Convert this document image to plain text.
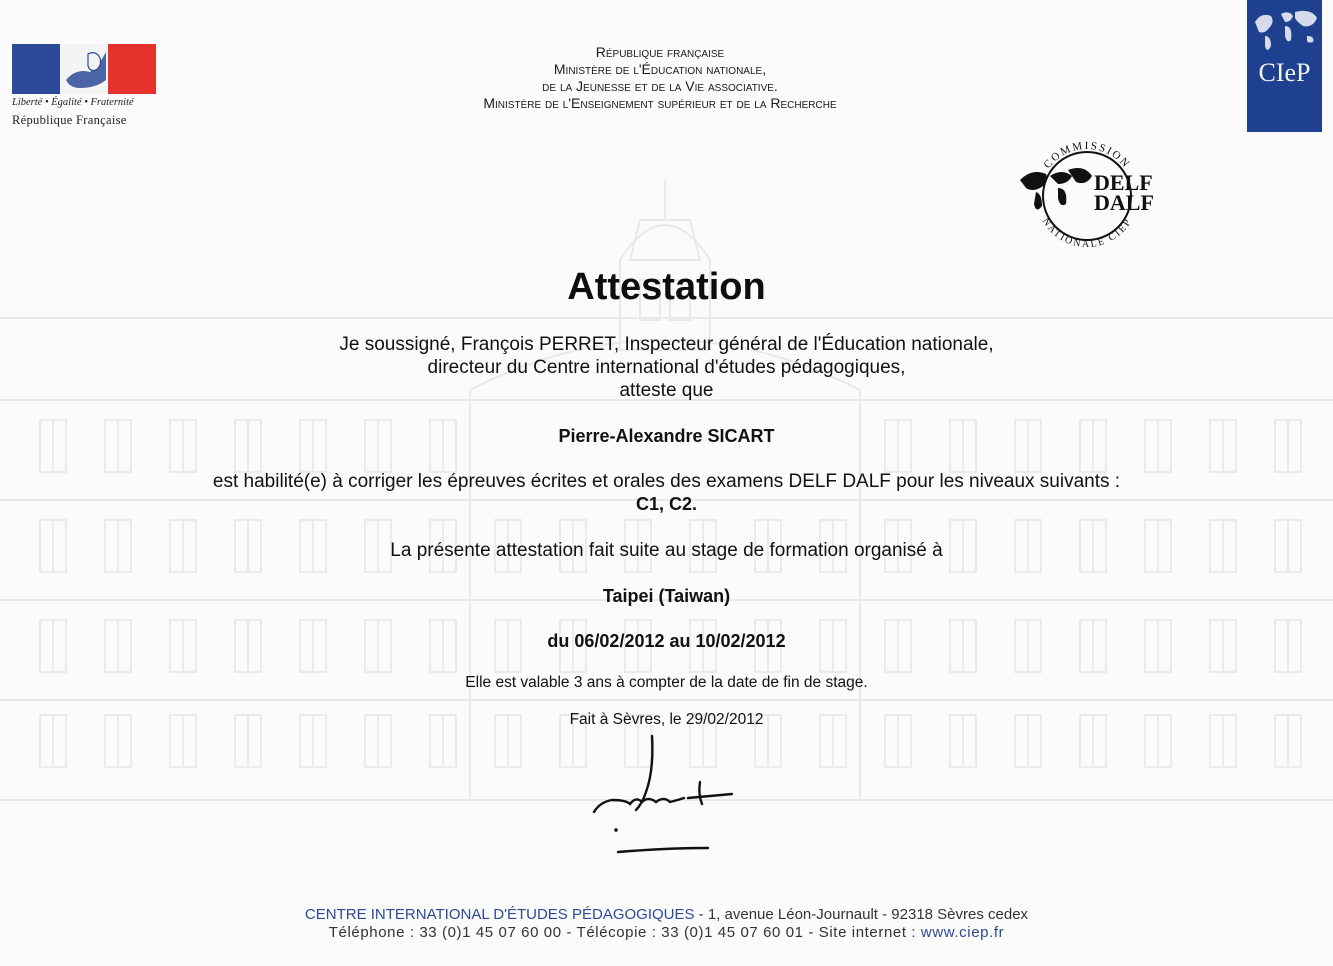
Liberté • Égalité • Fraternité
République Française
République française
Ministère de l'Éducation nationale,
de la Jeunesse et de la Vie associative.
Ministère de l'Enseignement supérieur et de la Recherche
CIeP
COMMISSION
NATIONALE CIEP
DELF
DALF
Attestation
Je soussigné, François PERRET, Inspecteur général de l'Éducation nationale,
directeur du Centre international d'études pédagogiques,
atteste que
Pierre-Alexandre SICART
est habilité(e) à corriger les épreuves écrites et orales des examens DELF DALF pour les niveaux suivants :
C1, C2.
La présente attestation fait suite au stage de formation organisé à
Taipei (Taiwan)
du 06/02/2012 au 10/02/2012
Elle est valable 3 ans à compter de la date de fin de stage.
Fait à Sèvres, le 29/02/2012
CENTRE INTERNATIONAL D'ÉTUDES PÉDAGOGIQUES - 1, avenue Léon-Journault - 92318 Sèvres cedex
Téléphone : 33 (0)1 45 07 60 00 - Télécopie : 33 (0)1 45 07 60 01 - Site internet : www.ciep.fr
